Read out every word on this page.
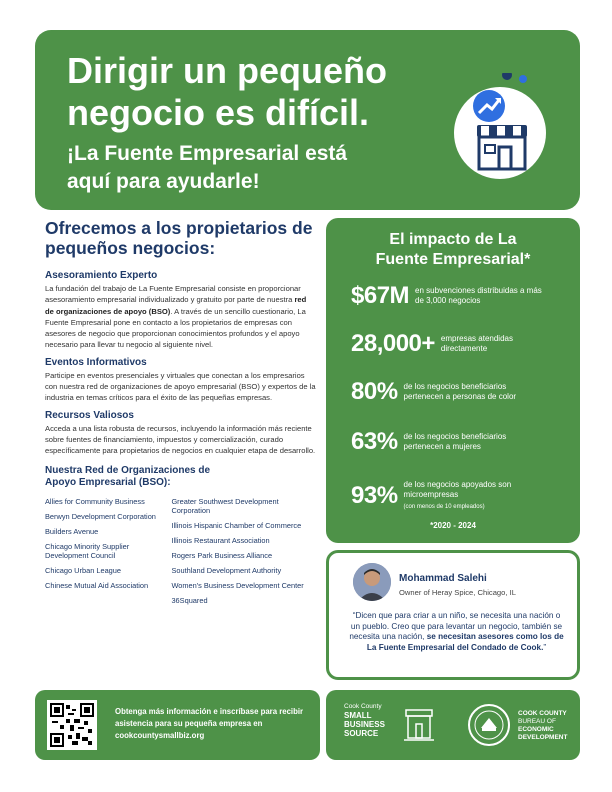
Dirigir un pequeño negocio es difícil.
¡La Fuente Empresarial está aquí para ayudarle!
Ofrecemos a los propietarios de pequeños negocios:
Asesoramiento Experto
La fundación del trabajo de La Fuente Empresarial consiste en proporcionar asesoramiento empresarial individualizado y gratuito por parte de nuestra red de organizaciones de apoyo (BSO). A través de un sencillo cuestionario, La Fuente Empresarial pone en contacto a los propietarios de empresas con asesores de negocio que proporcionan conocimientos profundos y el apoyo necesario para llevar tu negocio al siguiente nivel.
Eventos Informativos
Participe en eventos presenciales y virtuales que conectan a los empresarios con nuestra red de organizaciones de apoyo empresarial (BSO) y expertos de la industria en temas críticos para el éxito de las pequeñas empresas.
Recursos Valiosos
Acceda a una lista robusta de recursos, incluyendo la información más reciente sobre fuentes de financiamiento, impuestos y comercialización, curado específicamente para propietarios de negocios en cualquier etapa de desarrollo.
Nuestra Red de Organizaciones de Apoyo Empresarial (BSO):
Allies for Community Business
Berwyn Development Corporation
Builders Avenue
Chicago Minority Supplier Development Council
Chicago Urban League
Chinese Mutual Aid Association
Greater Southwest Development Corporation
Illinois Hispanic Chamber of Commerce
Illinois Restaurant Association
Rogers Park Business Alliance
Southland Development Authority
Women's Business Development Center
36Squared
El impacto de La Fuente Empresarial*
$67M en subvenciones distribuidas a más de 3,000 negocios
28,000+ empresas atendidas directamente
80% de los negocios beneficiarios pertenecen a personas de color
63% de los negocios beneficiarios pertenecen a mujeres
93% de los negocios apoyados son microempresas
(con menos de 10 empleados)
*2020 - 2024
Mohammad Salehi
Owner of Heray Spice, Chicago, IL
“Dicen que para criar a un niño, se necesita una nación o un pueblo. Creo que para levantar un negocio, también se necesita una nación, se necesitan asesores como los de La Fuente Empresarial del Condado de Cook.”
Obtenga más información e inscríbase para recibir asistencia para su pequeña empresa en cookcountysmallbiz.org
Cook County
SMALL
BUSINESS
SOURCE
COOK COUNTY
BUREAU OF
ECONOMIC
DEVELOPMENT
